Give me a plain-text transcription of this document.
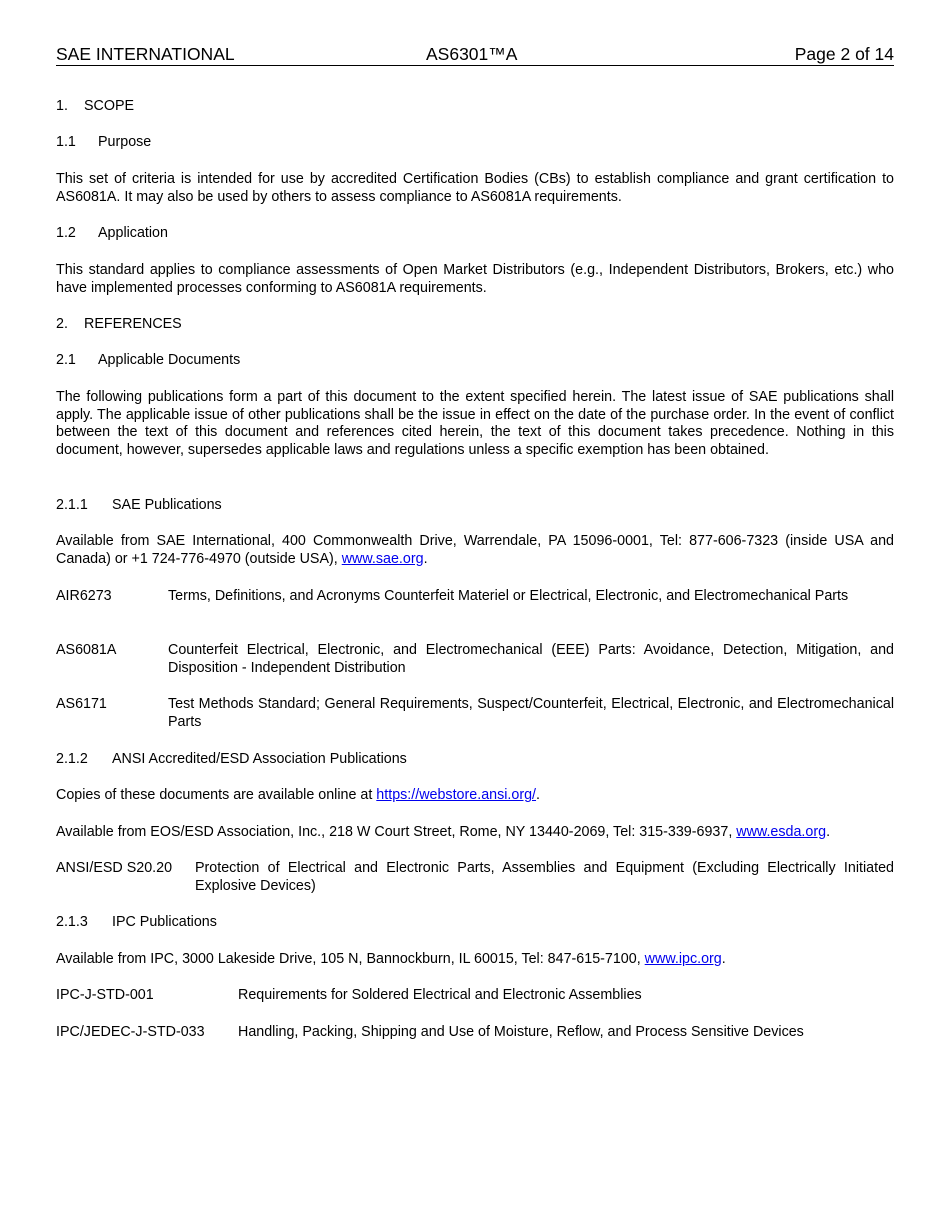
SAE INTERNATIONAL	AS6301™A	Page 2 of 14
1. SCOPE
1.1 Purpose
This set of criteria is intended for use by accredited Certification Bodies (CBs) to establish compliance and grant certification to AS6081A. It may also be used by others to assess compliance to AS6081A requirements.
1.2 Application
This standard applies to compliance assessments of Open Market Distributors (e.g., Independent Distributors, Brokers, etc.) who have implemented processes conforming to AS6081A requirements.
2. REFERENCES
2.1 Applicable Documents
The following publications form a part of this document to the extent specified herein. The latest issue of SAE publications shall apply. The applicable issue of other publications shall be the issue in effect on the date of the purchase order. In the event of conflict between the text of this document and references cited herein, the text of this document takes precedence. Nothing in this document, however, supersedes applicable laws and regulations unless a specific exemption has been obtained.
2.1.1 SAE Publications
Available from SAE International, 400 Commonwealth Drive, Warrendale, PA 15096-0001, Tel: 877-606-7323 (inside USA and Canada) or +1 724-776-4970 (outside USA), www.sae.org.
AIR6273	Terms, Definitions, and Acronyms Counterfeit Materiel or Electrical, Electronic, and Electromechanical Parts
AS6081A	Counterfeit Electrical, Electronic, and Electromechanical (EEE) Parts: Avoidance, Detection, Mitigation, and Disposition - Independent Distribution
AS6171	Test Methods Standard; General Requirements, Suspect/Counterfeit, Electrical, Electronic, and Electromechanical Parts
2.1.2 ANSI Accredited/ESD Association Publications
Copies of these documents are available online at https://webstore.ansi.org/.
Available from EOS/ESD Association, Inc., 218 W Court Street, Rome, NY 13440-2069, Tel: 315-339-6937, www.esda.org.
ANSI/ESD S20.20 Protection of Electrical and Electronic Parts, Assemblies and Equipment (Excluding Electrically Initiated Explosive Devices)
2.1.3 IPC Publications
Available from IPC, 3000 Lakeside Drive, 105 N, Bannockburn, IL 60015, Tel: 847-615-7100, www.ipc.org.
IPC-J-STD-001	Requirements for Soldered Electrical and Electronic Assemblies
IPC/JEDEC-J-STD-033 Handling, Packing, Shipping and Use of Moisture, Reflow, and Process Sensitive Devices
